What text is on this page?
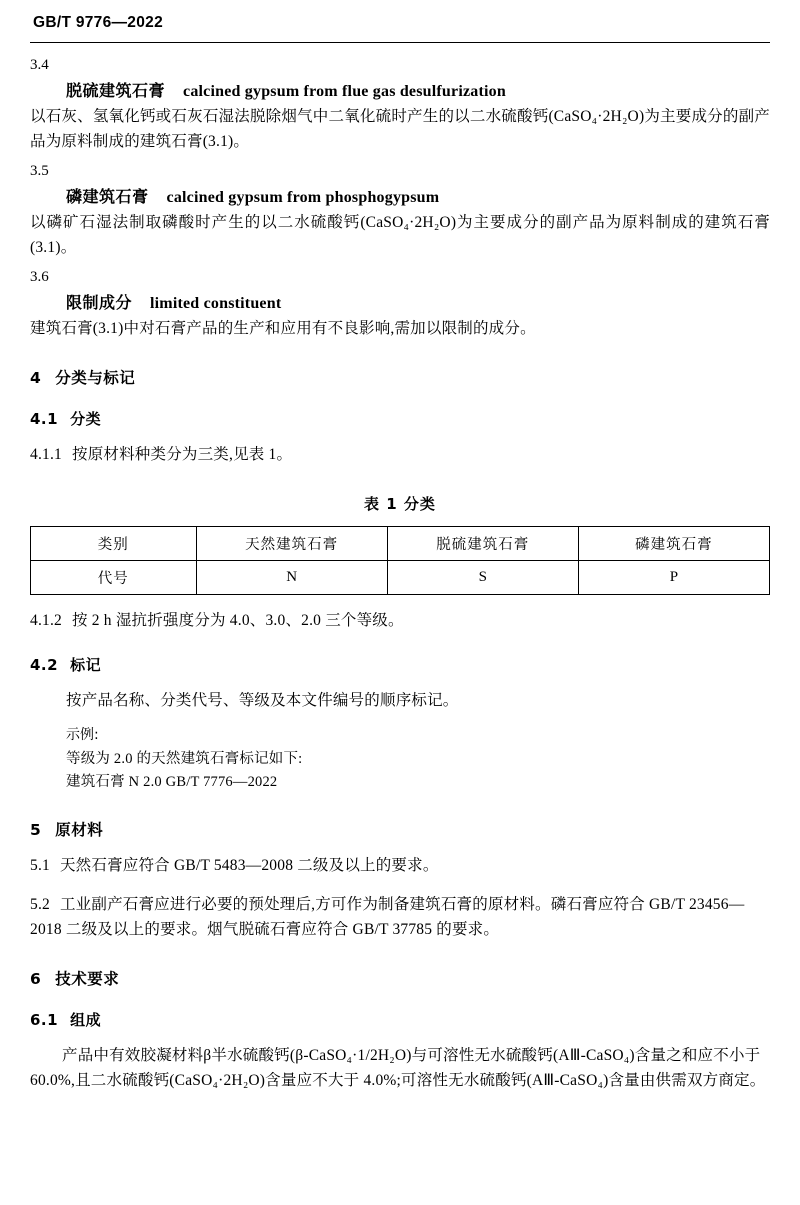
GB/T 9776—2022
3.4
脱硫建筑石膏 calcined gypsum from flue gas desulfurization

以石灰、氢氧化钙或石灰石湿法脱除烟气中二氧化硫时产生的以二水硫酸钙(CaSO₄·2H₂O)为主要成分的副产品为原料制成的建筑石膏(3.1)。

3.5
磷建筑石膏 calcined gypsum from phosphogypsum

以磷矿石湿法制取磷酸时产生的以二水硫酸钙(CaSO₄·2H₂O)为主要成分的副产品为原料制成的建筑石膏(3.1)。

3.6
限制成分 limited constituent

建筑石膏(3.1)中对石膏产品的生产和应用有不良影响,需加以限制的成分。

4 分类与标记
4.1 分类

4.1.1 按原材料种类分为三类,见表 1。

表 1 分类
类别	天然建筑石膏	脱硫建筑石膏	磷建筑石膏
代号	N	S	P

4.1.2 按 2 h 湿抗折强度分为 4.0、3.0、2.0 三个等级。

4.2 标记

按产品名称、分类代号、等级及本文件编号的顺序标记。

示例:
等级为 2.0 的天然建筑石膏标记如下:
建筑石膏 N 2.0 GB/T 7776—2022
5 原材料

5.1 天然石膏应符合 GB/T 5483—2008 二级及以上的要求。

5.2 工业副产石膏应进行必要的预处理后,方可作为制备建筑石膏的原材料。磷石膏应符合 GB/T 23456—2018 二级及以上的要求。烟气脱硫石膏应符合 GB/T 37785 的要求。

6 技术要求
6.1 组成

产品中有效胶凝材料β半水硫酸钙(β-CaSO₄·1/2H₂O)与可溶性无水硫酸钙(AⅢ-CaSO₄)含量之和应不小于 60.0%,且二水硫酸钙(CaSO₄·2H₂O)含量应不大于 4.0%;可溶性无水硫酸钙(AⅢ-CaSO₄)含量由供需双方商定。
